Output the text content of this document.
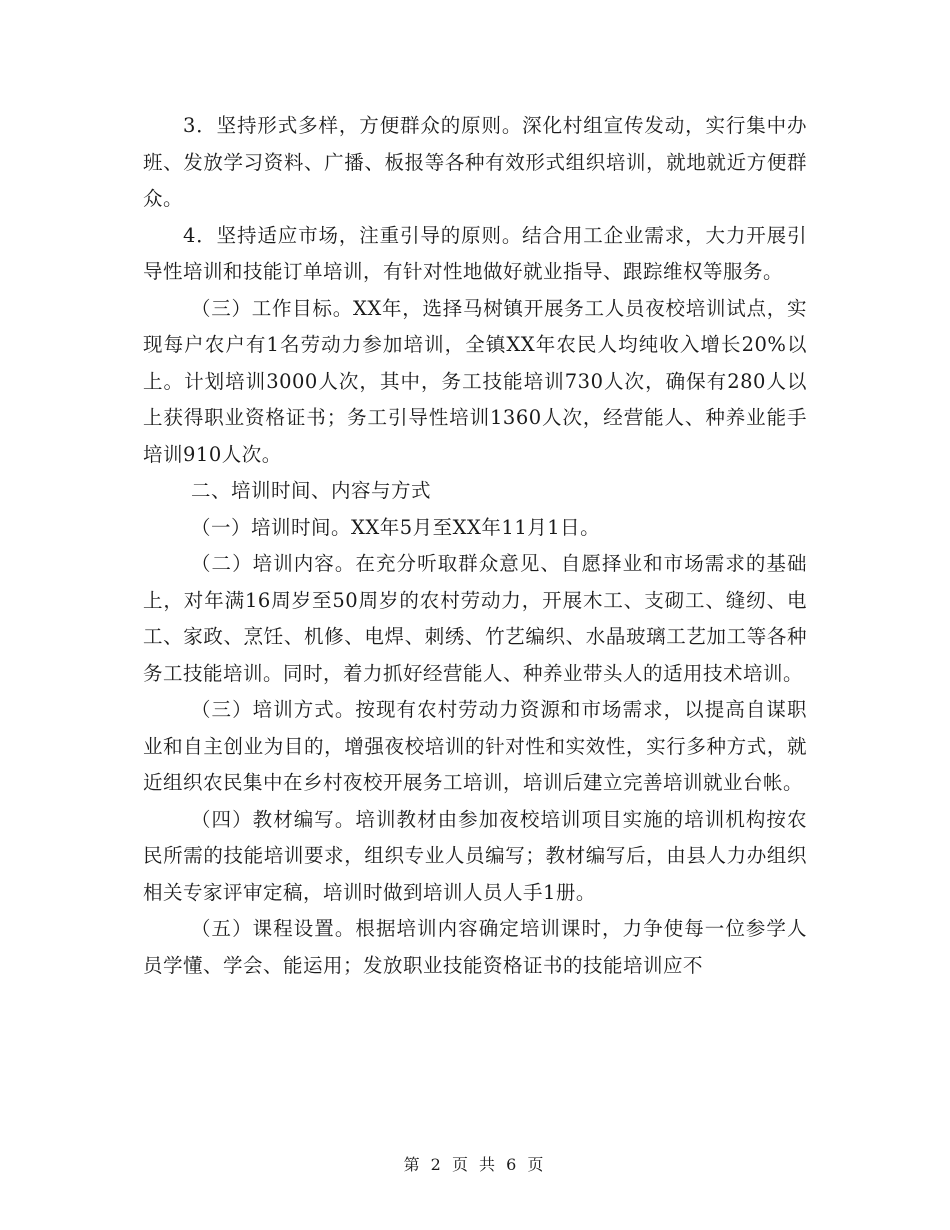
3．坚持形式多样，方便群众的原则。深化村组宣传发动，实行集中办班、发放学习资料、广播、板报等各种有效形式组织培训，就地就近方便群众。

4．坚持适应市场，注重引导的原则。结合用工企业需求，大力开展引导性培训和技能订单培训，有针对性地做好就业指导、跟踪维权等服务。

（三）工作目标。XX年，选择马树镇开展务工人员夜校培训试点，实现每户农户有1名劳动力参加培训，全镇XX年农民人均纯收入增长20%以上。计划培训3000人次，其中，务工技能培训730人次，确保有280人以上获得职业资格证书；务工引导性培训1360人次，经营能人、种养业能手培训910人次。

二、培训时间、内容与方式

（一）培训时间。XX年5月至XX年11月1日。

（二）培训内容。在充分听取群众意见、自愿择业和市场需求的基础上，对年满16周岁至50周岁的农村劳动力，开展木工、支砌工、缝纫、电工、家政、烹饪、机修、电焊、刺绣、竹艺编织、水晶玻璃工艺加工等各种务工技能培训。同时，着力抓好经营能人、种养业带头人的适用技术培训。

（三）培训方式。按现有农村劳动力资源和市场需求，以提高自谋职业和自主创业为目的，增强夜校培训的针对性和实效性，实行多种方式，就近组织农民集中在乡村夜校开展务工培训，培训后建立完善培训就业台帐。

（四）教材编写。培训教材由参加夜校培训项目实施的培训机构按农民所需的技能培训要求，组织专业人员编写；教材编写后，由县人力办组织相关专家评审定稿，培训时做到培训人员人手1册。

（五）课程设置。根据培训内容确定培训课时，力争使每一位参学人员学懂、学会、能运用；发放职业技能资格证书的技能培训应不

第 2 页 共 6 页
